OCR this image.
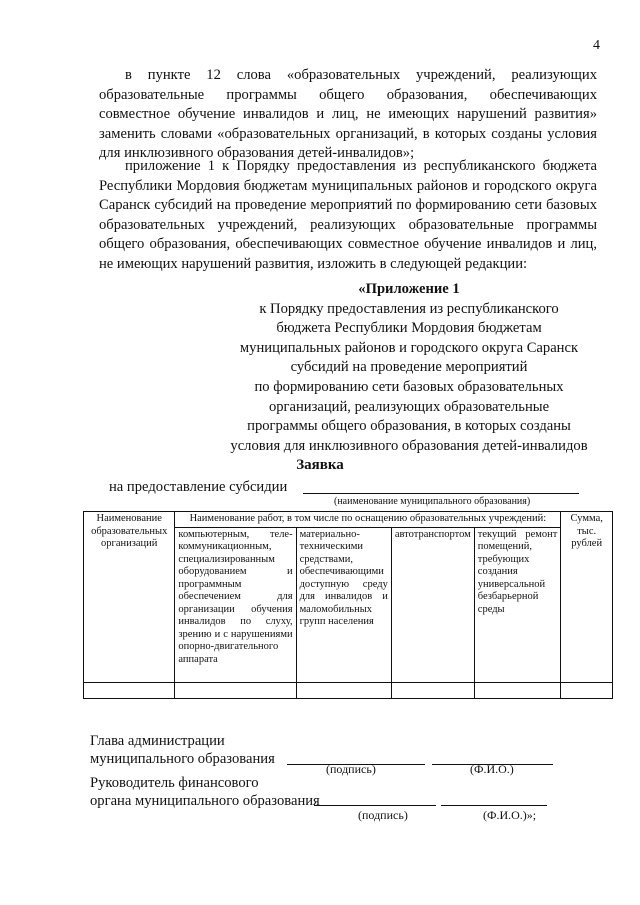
4

в пункте 12 слова «образовательных учреждений, реализующих образовательные программы общего образования, обеспечивающих совместное обучение инвалидов и лиц, не имеющих нарушений развития» заменить словами «образовательных организаций, в которых созданы условия для инклюзивного образования детей-инвалидов»;

приложение 1 к Порядку предоставления из республиканского бюджета Республики Мордовия бюджетам муниципальных районов и городского округа Саранск субсидий на проведение мероприятий по формированию сети базовых образовательных учреждений, реализующих образовательные программы общего образования, обеспечивающих совместное обучение инвалидов и лиц, не имеющих нарушений развития, изложить в следующей редакции:

«Приложение 1
к Порядку предоставления из республиканского
бюджета Республики Мордовия бюджетам
муниципальных районов и городского округа Саранск
субсидий на проведение мероприятий
по формированию сети базовых образовательных
организаций, реализующих образовательные
программы общего образования, в которых созданы
условия для инклюзивного образования детей-инвалидов
Заявка
на предоставление субсидии
(наименование муниципального образования)
Наименование образовательных организаций	Наименование работ, в том числе по оснащению образовательных учреждений:				Сумма, тыс. рублей
	компьютерным, теле-коммуникационным, специализированным оборудованием и программным обеспечением для организации обучения инвалидов по слуху, зрению и с нарушениями опорно-двигательного аппарата	материально-техническими средствами, обеспечивающими доступную среду для инвалидов и маломобильных групп населения	автотранспортом	текущий ремонт помещений, требующих создания универсальной безбарьерной среды	

Глава администрации
муниципального образования
(подпись)	(Ф.И.О.)
Руководитель финансового
органа муниципального образования
(подпись)	(Ф.И.О.)»;
